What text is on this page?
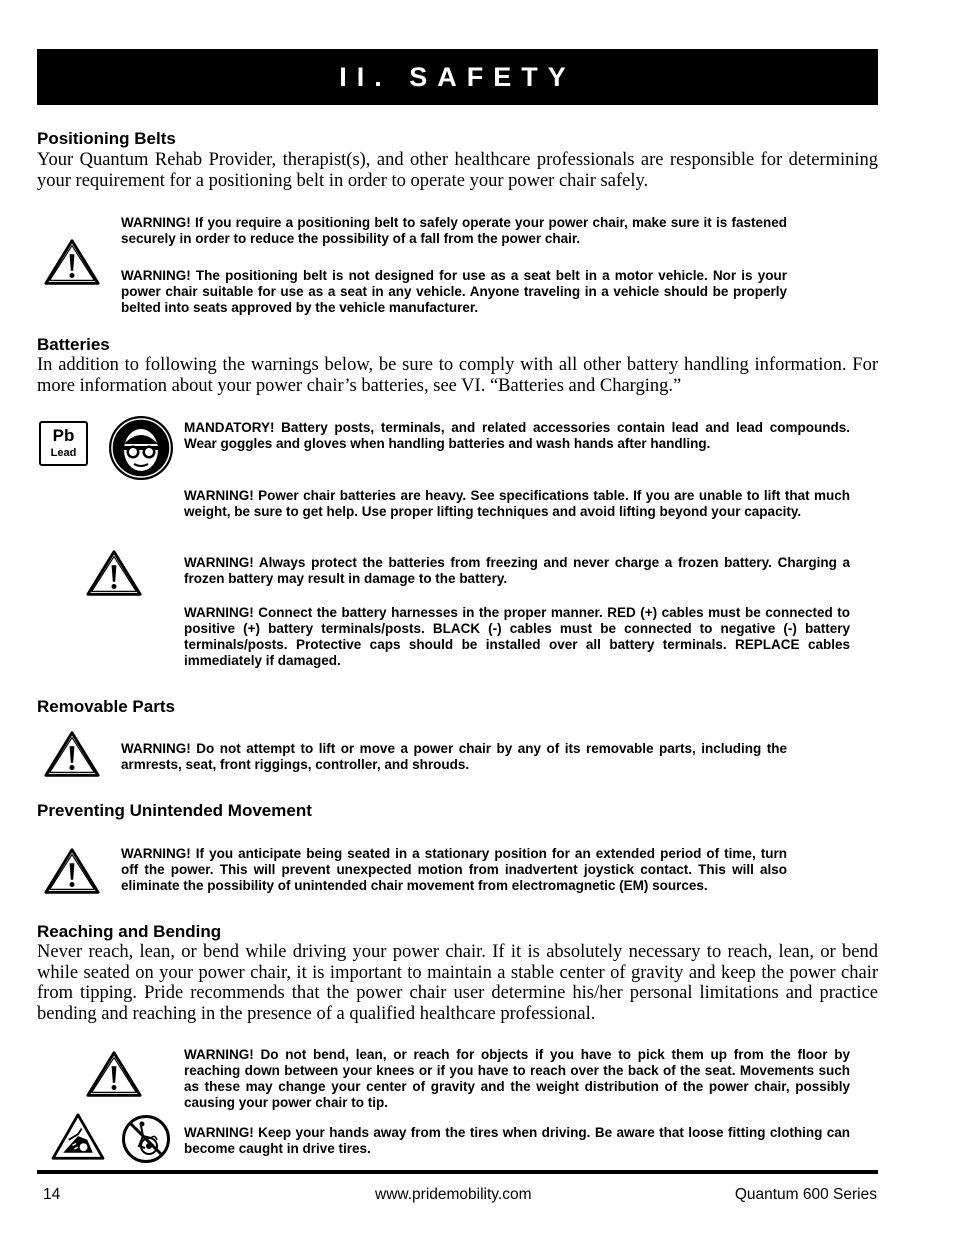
II. SAFETY
Positioning Belts
Your Quantum Rehab Provider, therapist(s), and other healthcare professionals are responsible for determining your requirement for a positioning belt in order to operate your power chair safely.
WARNING! If you require a positioning belt to safely operate your power chair, make sure it is fastened securely in order to reduce the possibility of a fall from the power chair.
WARNING! The positioning belt is not designed for use as a seat belt in a motor vehicle. Nor is your power chair suitable for use as a seat in any vehicle. Anyone traveling in a vehicle should be properly belted into seats approved by the vehicle manufacturer.
Batteries
In addition to following the warnings below, be sure to comply with all other battery handling information. For more information about your power chair’s batteries, see VI. “Batteries and Charging.”
Pb
Lead
MANDATORY! Battery posts, terminals, and related accessories contain lead and lead compounds. Wear goggles and gloves when handling batteries and wash hands after handling.
WARNING! Power chair batteries are heavy. See specifications table. If you are unable to lift that much weight, be sure to get help. Use proper lifting techniques and avoid lifting beyond your capacity.
WARNING! Always protect the batteries from freezing and never charge a frozen battery. Charging a frozen battery may result in damage to the battery.
WARNING! Connect the battery harnesses in the proper manner. RED (+) cables must be connected to positive (+) battery terminals/posts. BLACK (-) cables must be connected to negative (-) battery terminals/posts. Protective caps should be installed over all battery terminals. REPLACE cables immediately if damaged.
Removable Parts
WARNING! Do not attempt to lift or move a power chair by any of its removable parts, including the armrests, seat, front riggings, controller, and shrouds.
Preventing Unintended Movement
WARNING! If you anticipate being seated in a stationary position for an extended period of time, turn off the power. This will prevent unexpected motion from inadvertent joystick contact. This will also eliminate the possibility of unintended chair movement from electromagnetic (EM) sources.
Reaching and Bending
Never reach, lean, or bend while driving your power chair. If it is absolutely necessary to reach, lean, or bend while seated on your power chair, it is important to maintain a stable center of gravity and keep the power chair from tipping. Pride recommends that the power chair user determine his/her personal limitations and practice bending and reaching in the presence of a qualified healthcare professional.
WARNING! Do not bend, lean, or reach for objects if you have to pick them up from the floor by reaching down between your knees or if you have to reach over the back of the seat. Movements such as these may change your center of gravity and the weight distribution of the power chair, possibly causing your power chair to tip.
WARNING! Keep your hands away from the tires when driving. Be aware that loose fitting clothing can become caught in drive tires.
14	www.pridemobility.com	Quantum 600 Series
